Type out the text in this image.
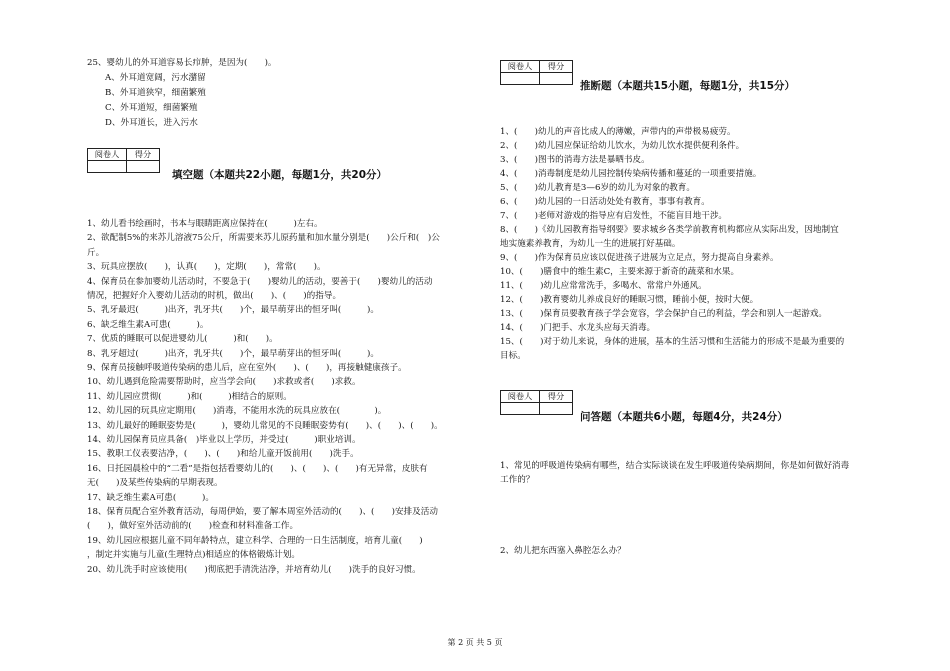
25、婴幼儿的外耳道容易长疖肿，是因为(　　)。
A、外耳道宽阔，污水潴留
B、外耳道狭窄，细菌繁殖
C、外耳道短，细菌繁殖
D、外耳道长，进入污水
阅卷人	得分

填空题（本题共22小题，每题1分，共20分）
1、幼儿看书绘画时，书本与眼睛距离应保持在(　　　)左右。
2、欲配制5%的来苏儿溶液75公斤，所需要来苏儿原药量和加水量分别是(　　)公斤和(　)公
斤。
3、玩具应摆放(　　)，认真(　　)，定期(　　)，常常(　　)。
4、保育员在参加婴幼儿活动时，不要急于(　　)婴幼儿的活动，要善于(　　)婴幼儿的活动
情况，把握好介入婴幼儿活动的时机，做出(　　)、(　　)的指导。
5、乳牙最迟(　　　)出齐，乳牙共(　　)个，最早萌芽出的恒牙叫(　　　)。
6、缺乏维生素A可患(　　　)。
7、优质的睡眠可以促进婴幼儿(　　　)和(　　)。
8、乳牙超过(　　　)出齐，乳牙共(　　)个，最早萌芽出的恒牙叫(　　　)。
9、保育员接触呼吸道传染病的患儿后，应在室外(　　)、(　　)，再接触健康孩子。
10、幼儿遇到危险需要帮助时，应当学会向(　　)求救或者(　　)求救。
11、幼儿园应贯彻(　　　)和(　　　)相结合的原则。
12、幼儿园的玩具应定期用(　　)消毒，不能用水洗的玩具应放在(　　　　)。
13、幼儿最好的睡眠姿势是(　　　)，婴幼儿常见的不良睡眠姿势有(　　)、(　　)、(　　)。
14、幼儿园保育员应具备(　)毕业以上学历，并受过(　　　)职业培训。
15、教职工仪表要洁净，(　　)、(　　)和给儿童开饭前用(　　)洗手。
16、日托园晨检中的“二看”是指包括看婴幼儿的(　　)、(　　)、(　　)有无异常，皮肤有
无(　　)及某些传染病的早期表现。
17、缺乏维生素A可患(　　　)。
18、保育员配合室外教育活动，每周伊始，要了解本周室外活动的(　　)、(　　)安排及活动
(　　)，做好室外活动前的(　　)检查和材料准备工作。
19、幼儿园应根据儿童不同年龄特点，建立科学、合理的一日生活制度，培育儿童(　　)
，制定并实施与儿童(生理特点)相适应的体格锻炼计划。
20、幼儿洗手时应该使用(　　)彻底把手清洗洁净，并培育幼儿(　　)洗手的良好习惯。
阅卷人	得分

推断题（本题共15小题，每题1分，共15分）
1、(　　)幼儿的声音比成人的薄嫩，声带内的声带极易疲劳。
2、(　　)幼儿园应保证给幼儿饮水，为幼儿饮水提供便利条件。
3、(　　)图书的消毒方法是暴晒书皮。
4、(　　)消毒制度是幼儿园控制传染病传播和蔓延的一项重要措施。
5、(　　)幼儿教育是3—6岁的幼儿为对象的教育。
6、(　　)幼儿园的一日活动处处有教育，事事有教育。
7、(　　)老师对游戏的指导应有启发性，不能盲目地干涉。
8、(　　)《幼儿园教育指导纲要》要求城乡各类学前教育机构都应从实际出发，因地制宜
地实施素养教育，为幼儿一生的进展打好基础。
9、(　　)作为保育员应该以促进孩子进展为立足点，努力提高自身素养。
10、(　　)膳食中的维生素C，主要来源于新奇的蔬菜和水果。
11、(　　)幼儿应常常洗手，多喝水、常常户外通风。
12、(　　)教育婴幼儿养成良好的睡眠习惯，睡前小便，按时大便。
13、(　　)保育员要教育孩子学会宽容，学会保护自己的利益，学会和别人一起游戏。
14、(　　)门把手、水龙头应每天消毒。
15、(　　)对于幼儿来说，身体的进展，基本的生活习惯和生活能力的形成不是最为重要的
目标。
阅卷人	得分

问答题（本题共6小题，每题4分，共24分）
1、常见的呼吸道传染病有哪些，结合实际谈谈在发生呼吸道传染病期间，你是如何做好消毒
工作的？
2、幼儿把东西塞入鼻腔怎么办？
第 2 页 共 5 页
